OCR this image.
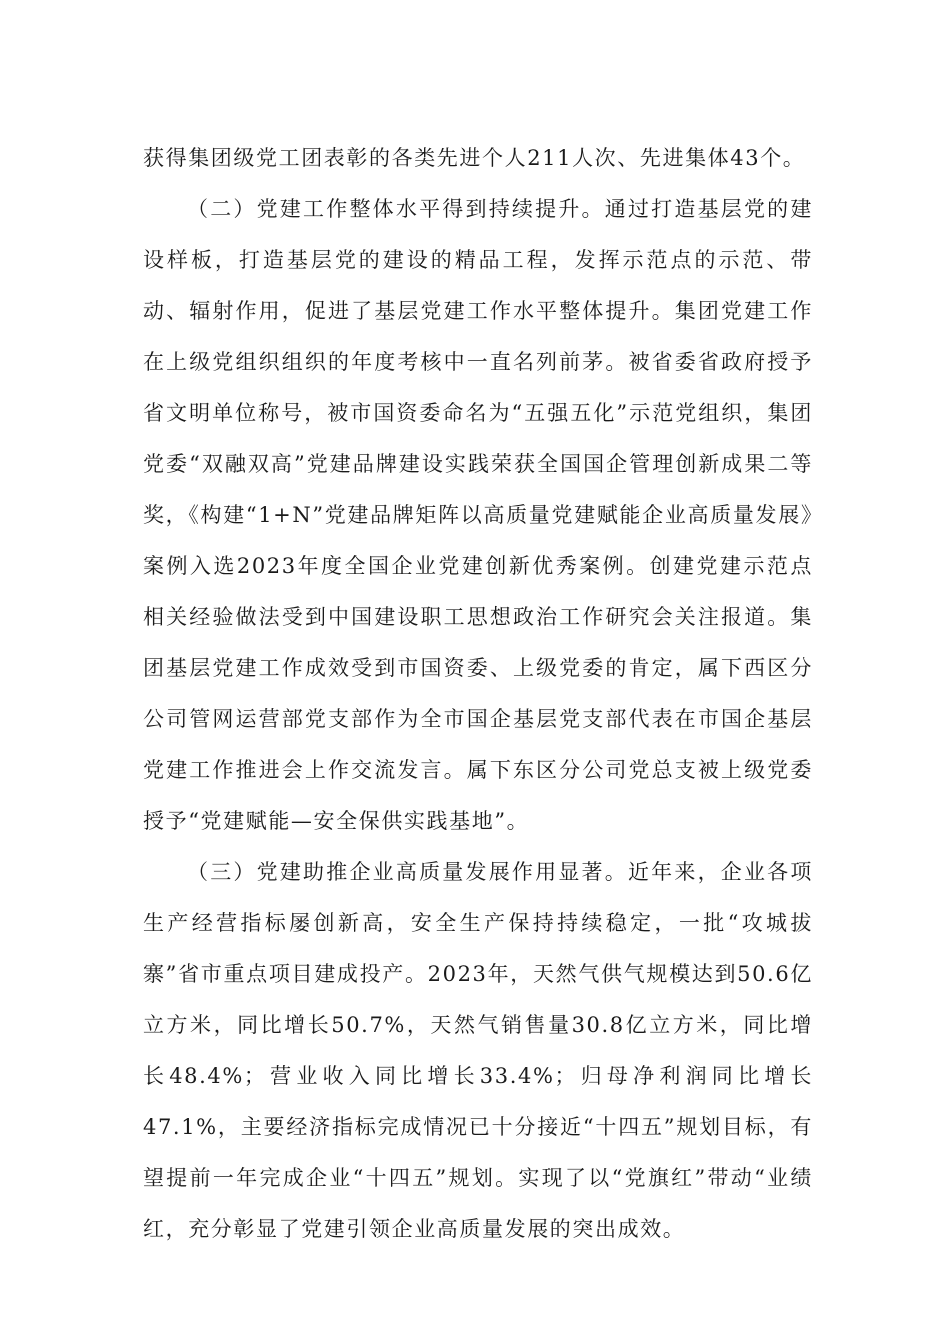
获得集团级党工团表彰的各类先进个人211人次、先进集体43个。

（二）党建工作整体水平得到持续提升。通过打造基层党的建设样板，打造基层党的建设的精品工程，发挥示范点的示范、带动、辐射作用，促进了基层党建工作水平整体提升。集团党建工作在上级党组织组织的年度考核中一直名列前茅。被省委省政府授予省文明单位称号，被市国资委命名为“五强五化”示范党组织，集团党委“双融双高”党建品牌建设实践荣获全国国企管理创新成果二等奖，《构建“1+N”党建品牌矩阵以高质量党建赋能企业高质量发展》案例入选2023年度全国企业党建创新优秀案例。创建党建示范点相关经验做法受到中国建设职工思想政治工作研究会关注报道。集团基层党建工作成效受到市国资委、上级党委的肯定，属下西区分公司管网运营部党支部作为全市国企基层党支部代表在市国企基层党建工作推进会上作交流发言。属下东区分公司党总支被上级党委授予“党建赋能—安全保供实践基地”。

（三）党建助推企业高质量发展作用显著。近年来，企业各项生产经营指标屡创新高，安全生产保持持续稳定，一批“攻城拔寨”省市重点项目建成投产。2023年，天然气供气规模达到50.6亿立方米，同比增长50.7%，天然气销售量30.8亿立方米，同比增长48.4%；营业收入同比增长33.4%；归母净利润同比增长47.1%，主要经济指标完成情况已十分接近“十四五”规划目标，有望提前一年完成企业“十四五”规划。实现了以“党旗红”带动“业绩红，充分彰显了党建引领企业高质量发展的突出成效。
